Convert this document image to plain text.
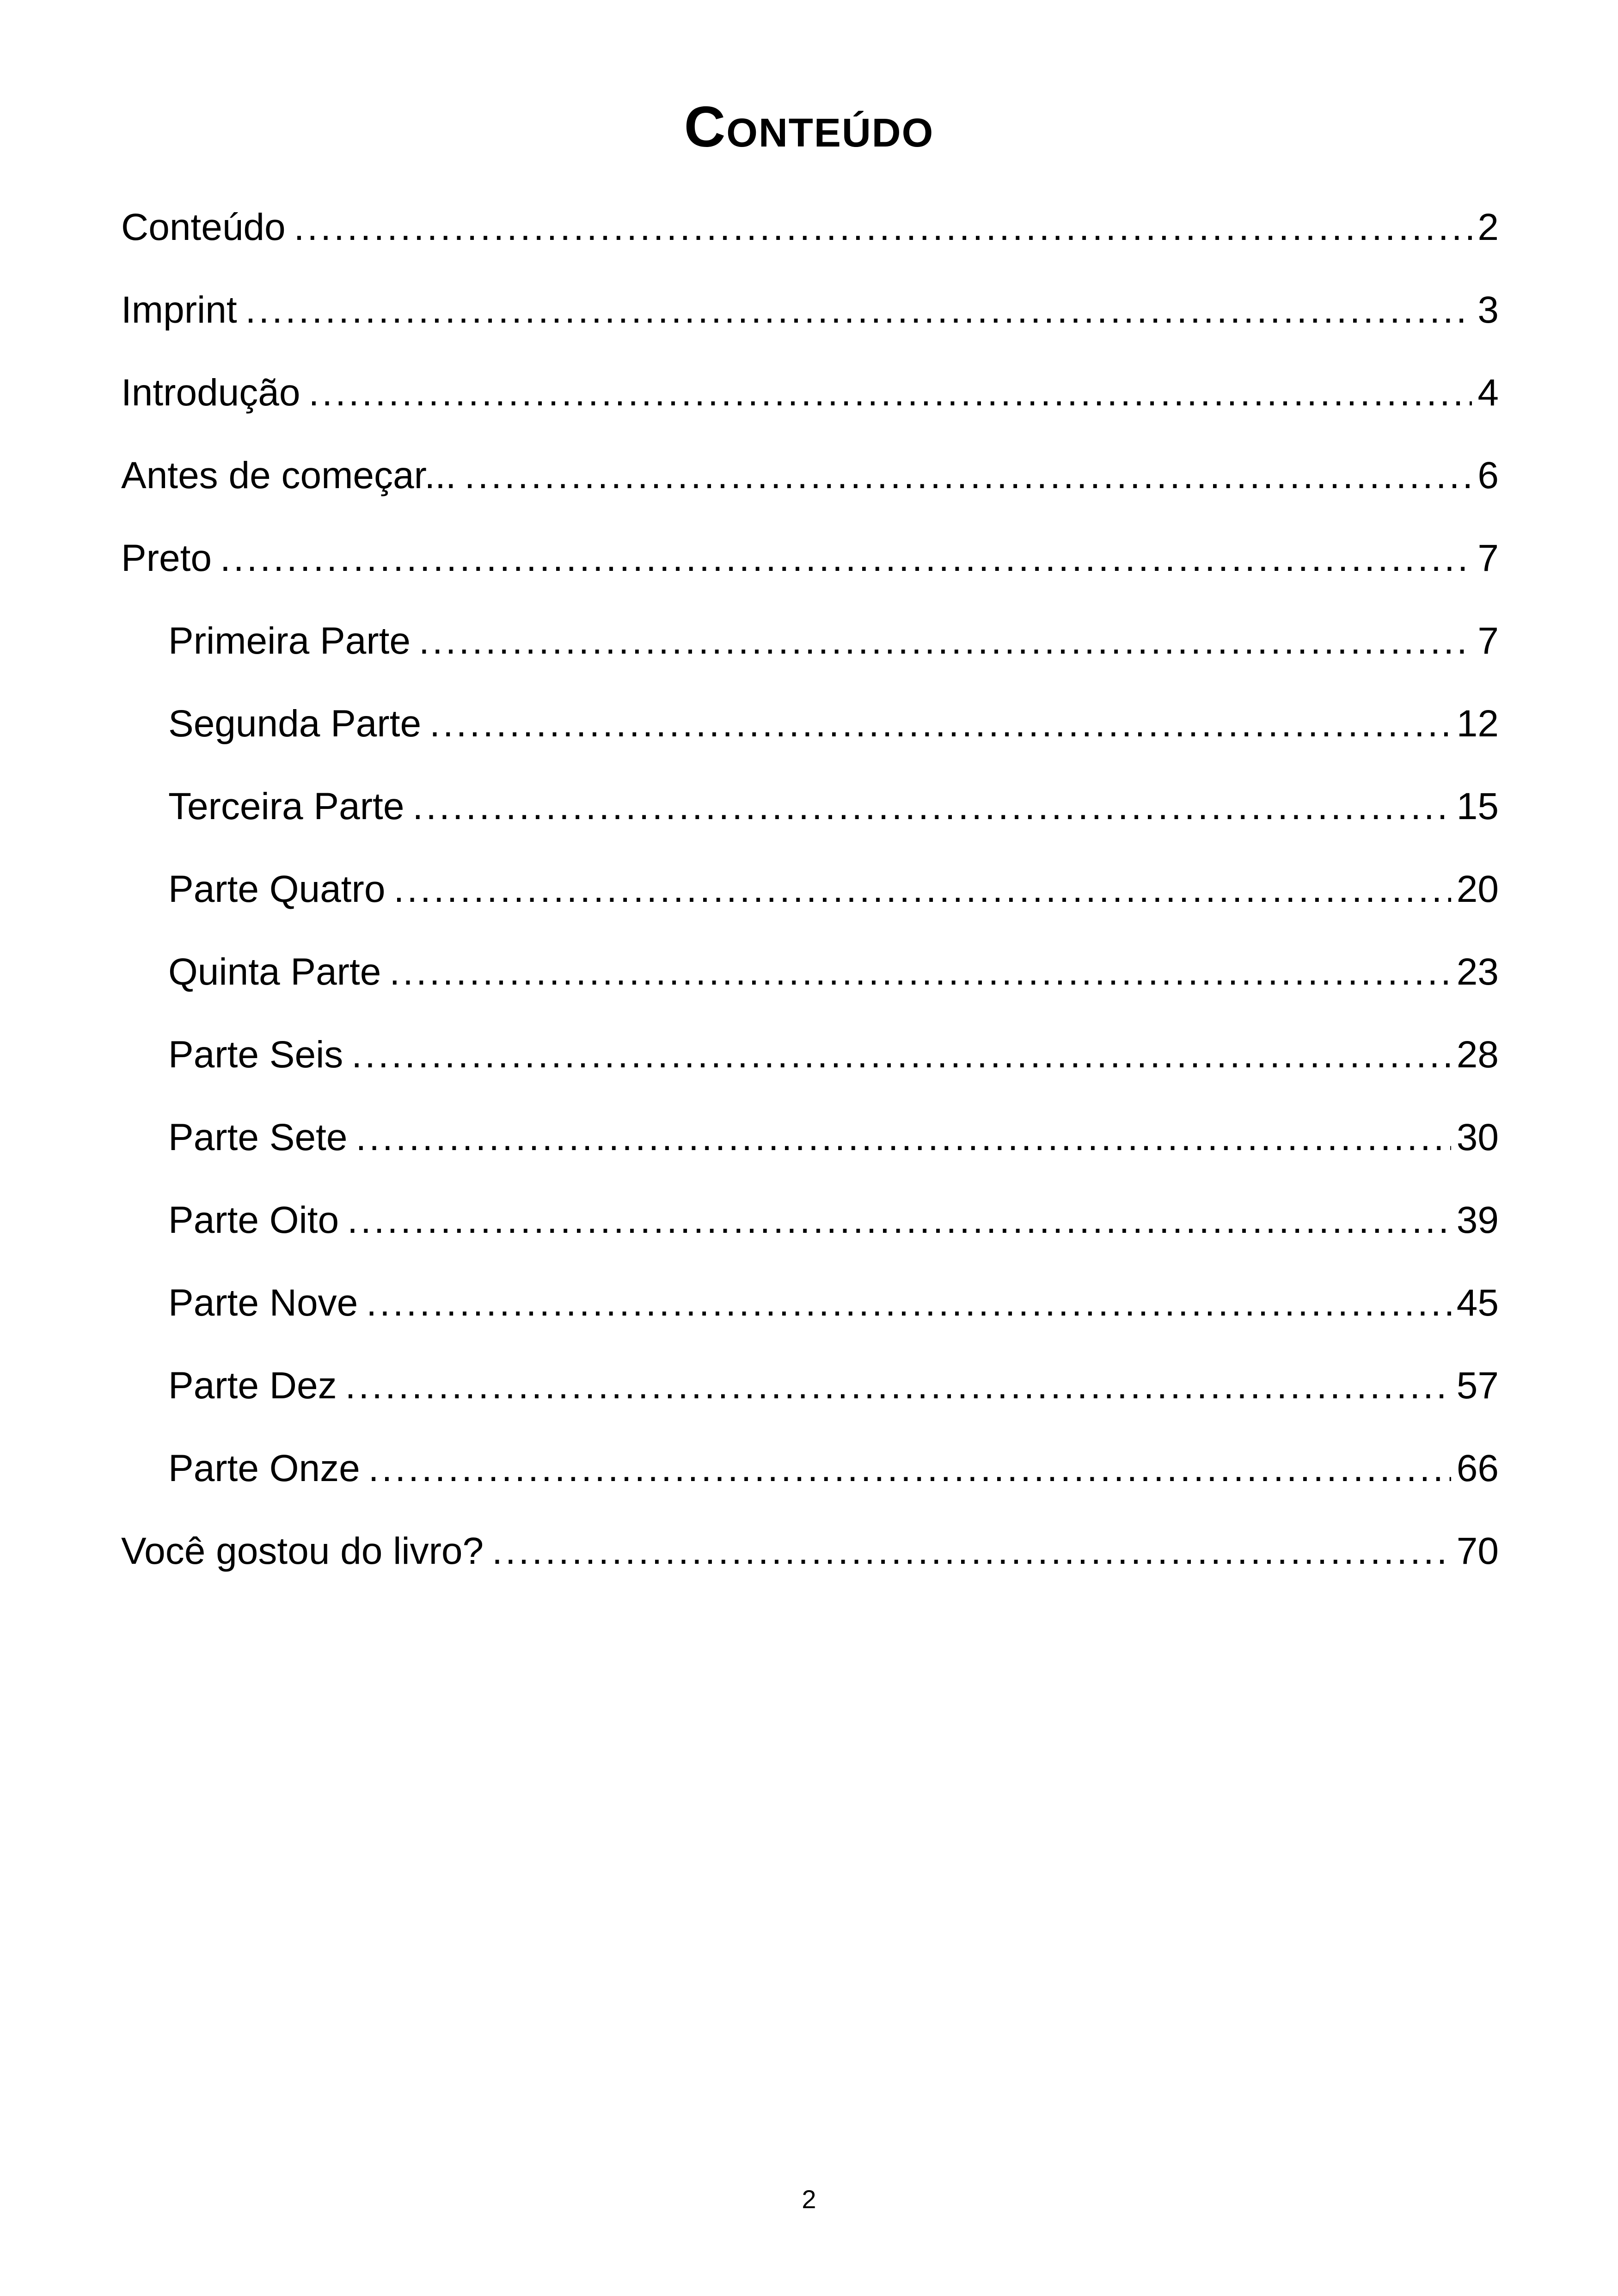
Conteúdo
Conteúdo .....	2
Imprint .....	3
Introdução .....	4
Antes de começar... .....	6
Preto .....	7
Primeira Parte .....	7
Segunda Parte .....	12
Terceira Parte .....	15
Parte Quatro .....	20
Quinta Parte .....	23
Parte Seis .....	28
Parte Sete .....	30
Parte Oito .....	39
Parte Nove .....	45
Parte Dez .....	57
Parte Onze .....	66
Você gostou do livro? .....	70
2
